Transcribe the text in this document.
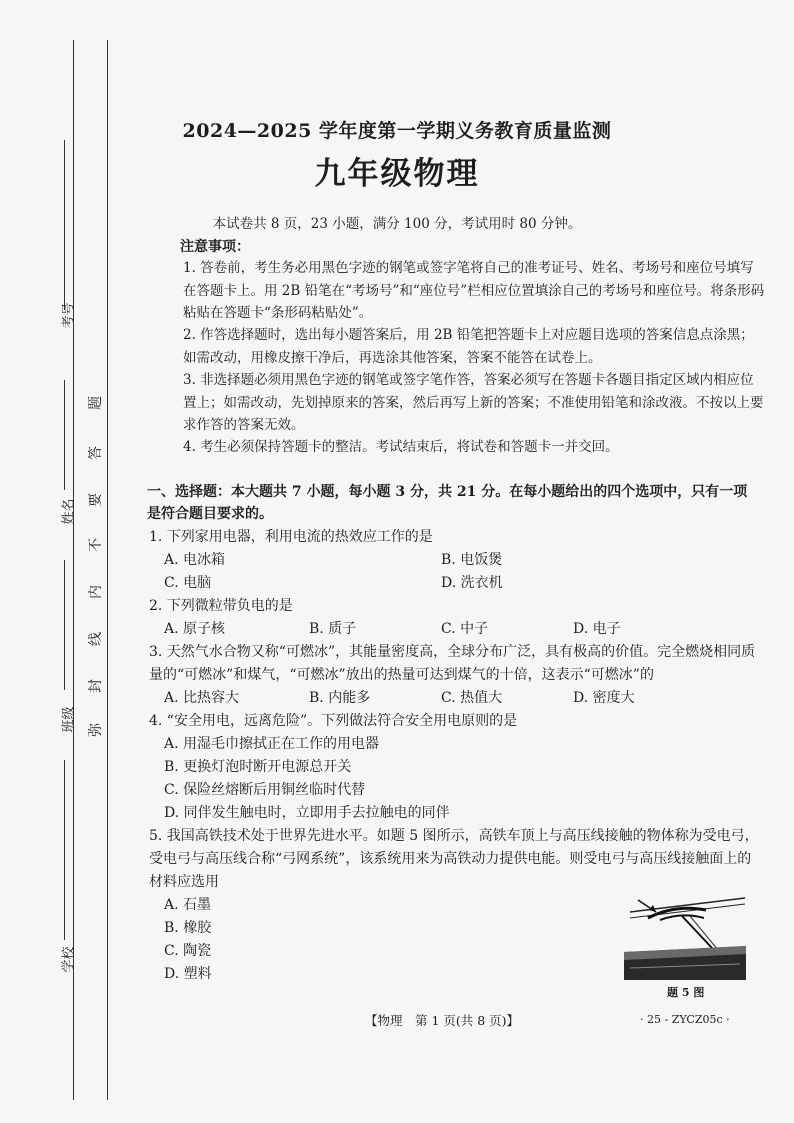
考号
姓名
班级
学校
题
答
要
不
内
线
封
弥
2024—2025 学年度第一学期义务教育质量监测
九年级物理
本试卷共 8 页，23 小题，满分 100 分，考试用时 80 分钟。
注意事项：
1. 答卷前，考生务必用黑色字迹的钢笔或签字笔将自己的准考证号、姓名、考场号和座位号填写在答题卡上。用 2B 铅笔在“考场号”和“座位号”栏相应位置填涂自己的考场号和座位号。将条形码粘贴在答题卡“条形码粘贴处”。
2. 作答选择题时，选出每小题答案后，用 2B 铅笔把答题卡上对应题目选项的答案信息点涂黑；如需改动，用橡皮擦干净后，再选涂其他答案，答案不能答在试卷上。
3. 非选择题必须用黑色字迹的钢笔或签字笔作答，答案必须写在答题卡各题目指定区域内相应位置上；如需改动，先划掉原来的答案，然后再写上新的答案；不准使用铅笔和涂改液。不按以上要求作答的答案无效。
4. 考生必须保持答题卡的整洁。考试结束后，将试卷和答题卡一并交回。
一、选择题：本大题共 7 小题，每小题 3 分，共 21 分。在每小题给出的四个选项中，只有一项是符合题目要求的。
1. 下列家用电器，利用电流的热效应工作的是
A. 电冰箱	B. 电饭煲
C. 电脑	D. 洗衣机
2. 下列微粒带负电的是
A. 原子核	B. 质子	C. 中子	D. 电子
3. 天然气水合物又称“可燃冰”，其能量密度高，全球分布广泛，具有极高的价值。完全燃烧相同质量的“可燃冰”和煤气，“可燃冰”放出的热量可达到煤气的十倍，这表示“可燃冰”的
A. 比热容大	B. 内能多	C. 热值大	D. 密度大
4. “安全用电，远离危险”。下列做法符合安全用电原则的是
A. 用湿毛巾擦拭正在工作的用电器
B. 更换灯泡时断开电源总开关
C. 保险丝熔断后用铜丝临时代替
D. 同伴发生触电时，立即用手去拉触电的同伴
5. 我国高铁技术处于世界先进水平。如题 5 图所示，高铁车顶上与高压线接触的物体称为受电弓，受电弓与高压线合称“弓网系统”，该系统用来为高铁动力提供电能。则受电弓与高压线接触面上的材料应选用
A. 石墨
B. 橡胶
C. 陶瓷
D. 塑料
题 5 图
【物理　第 1 页(共 8 页)】	· 25 - ZYCZ05c ·
